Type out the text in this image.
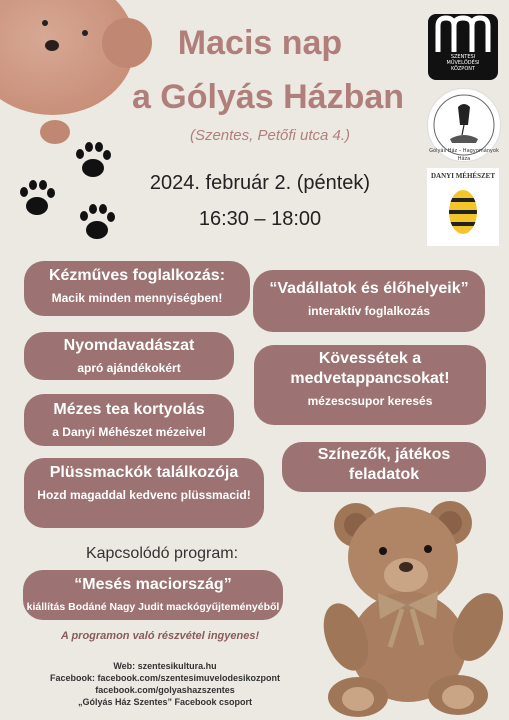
Macis nap
a Gólyás Házban
(Szentes, Petőfi utca 4.)
2024. február 2. (péntek)
16:30 – 18:00
SZENTESI MŰVELŐDÉSI KÖZPONT
Gólyás Ház – Hagyományok Háza
DANYI MÉHÉSZET
Kézműves foglalkozás:
Macik minden mennyiségben!
“Vadállatok és élőhelyeik”
interaktív foglalkozás
Nyomdavadászat
apró ajándékokért
Kövessétek a medvetappancsokat!
mézescsupor keresés
Mézes tea kortyolás
a Danyi Méhészet mézeivel
Színezők, játékos feladatok
Plüssmackók találkozója
Hozd magaddal kedvenc plüssmacid!
Kapcsolódó program:
“Mesés maciország”
kiállítás Bodáné Nagy Judit mackógyűjteményéből
A programon való részvétel ingyenes!
Web: szentesikultura.hu
Facebook: facebook.com/szentesimuvelodesikozpont
facebook.com/golyashazszentes
„Gólyás Ház Szentes” Facebook csoport
